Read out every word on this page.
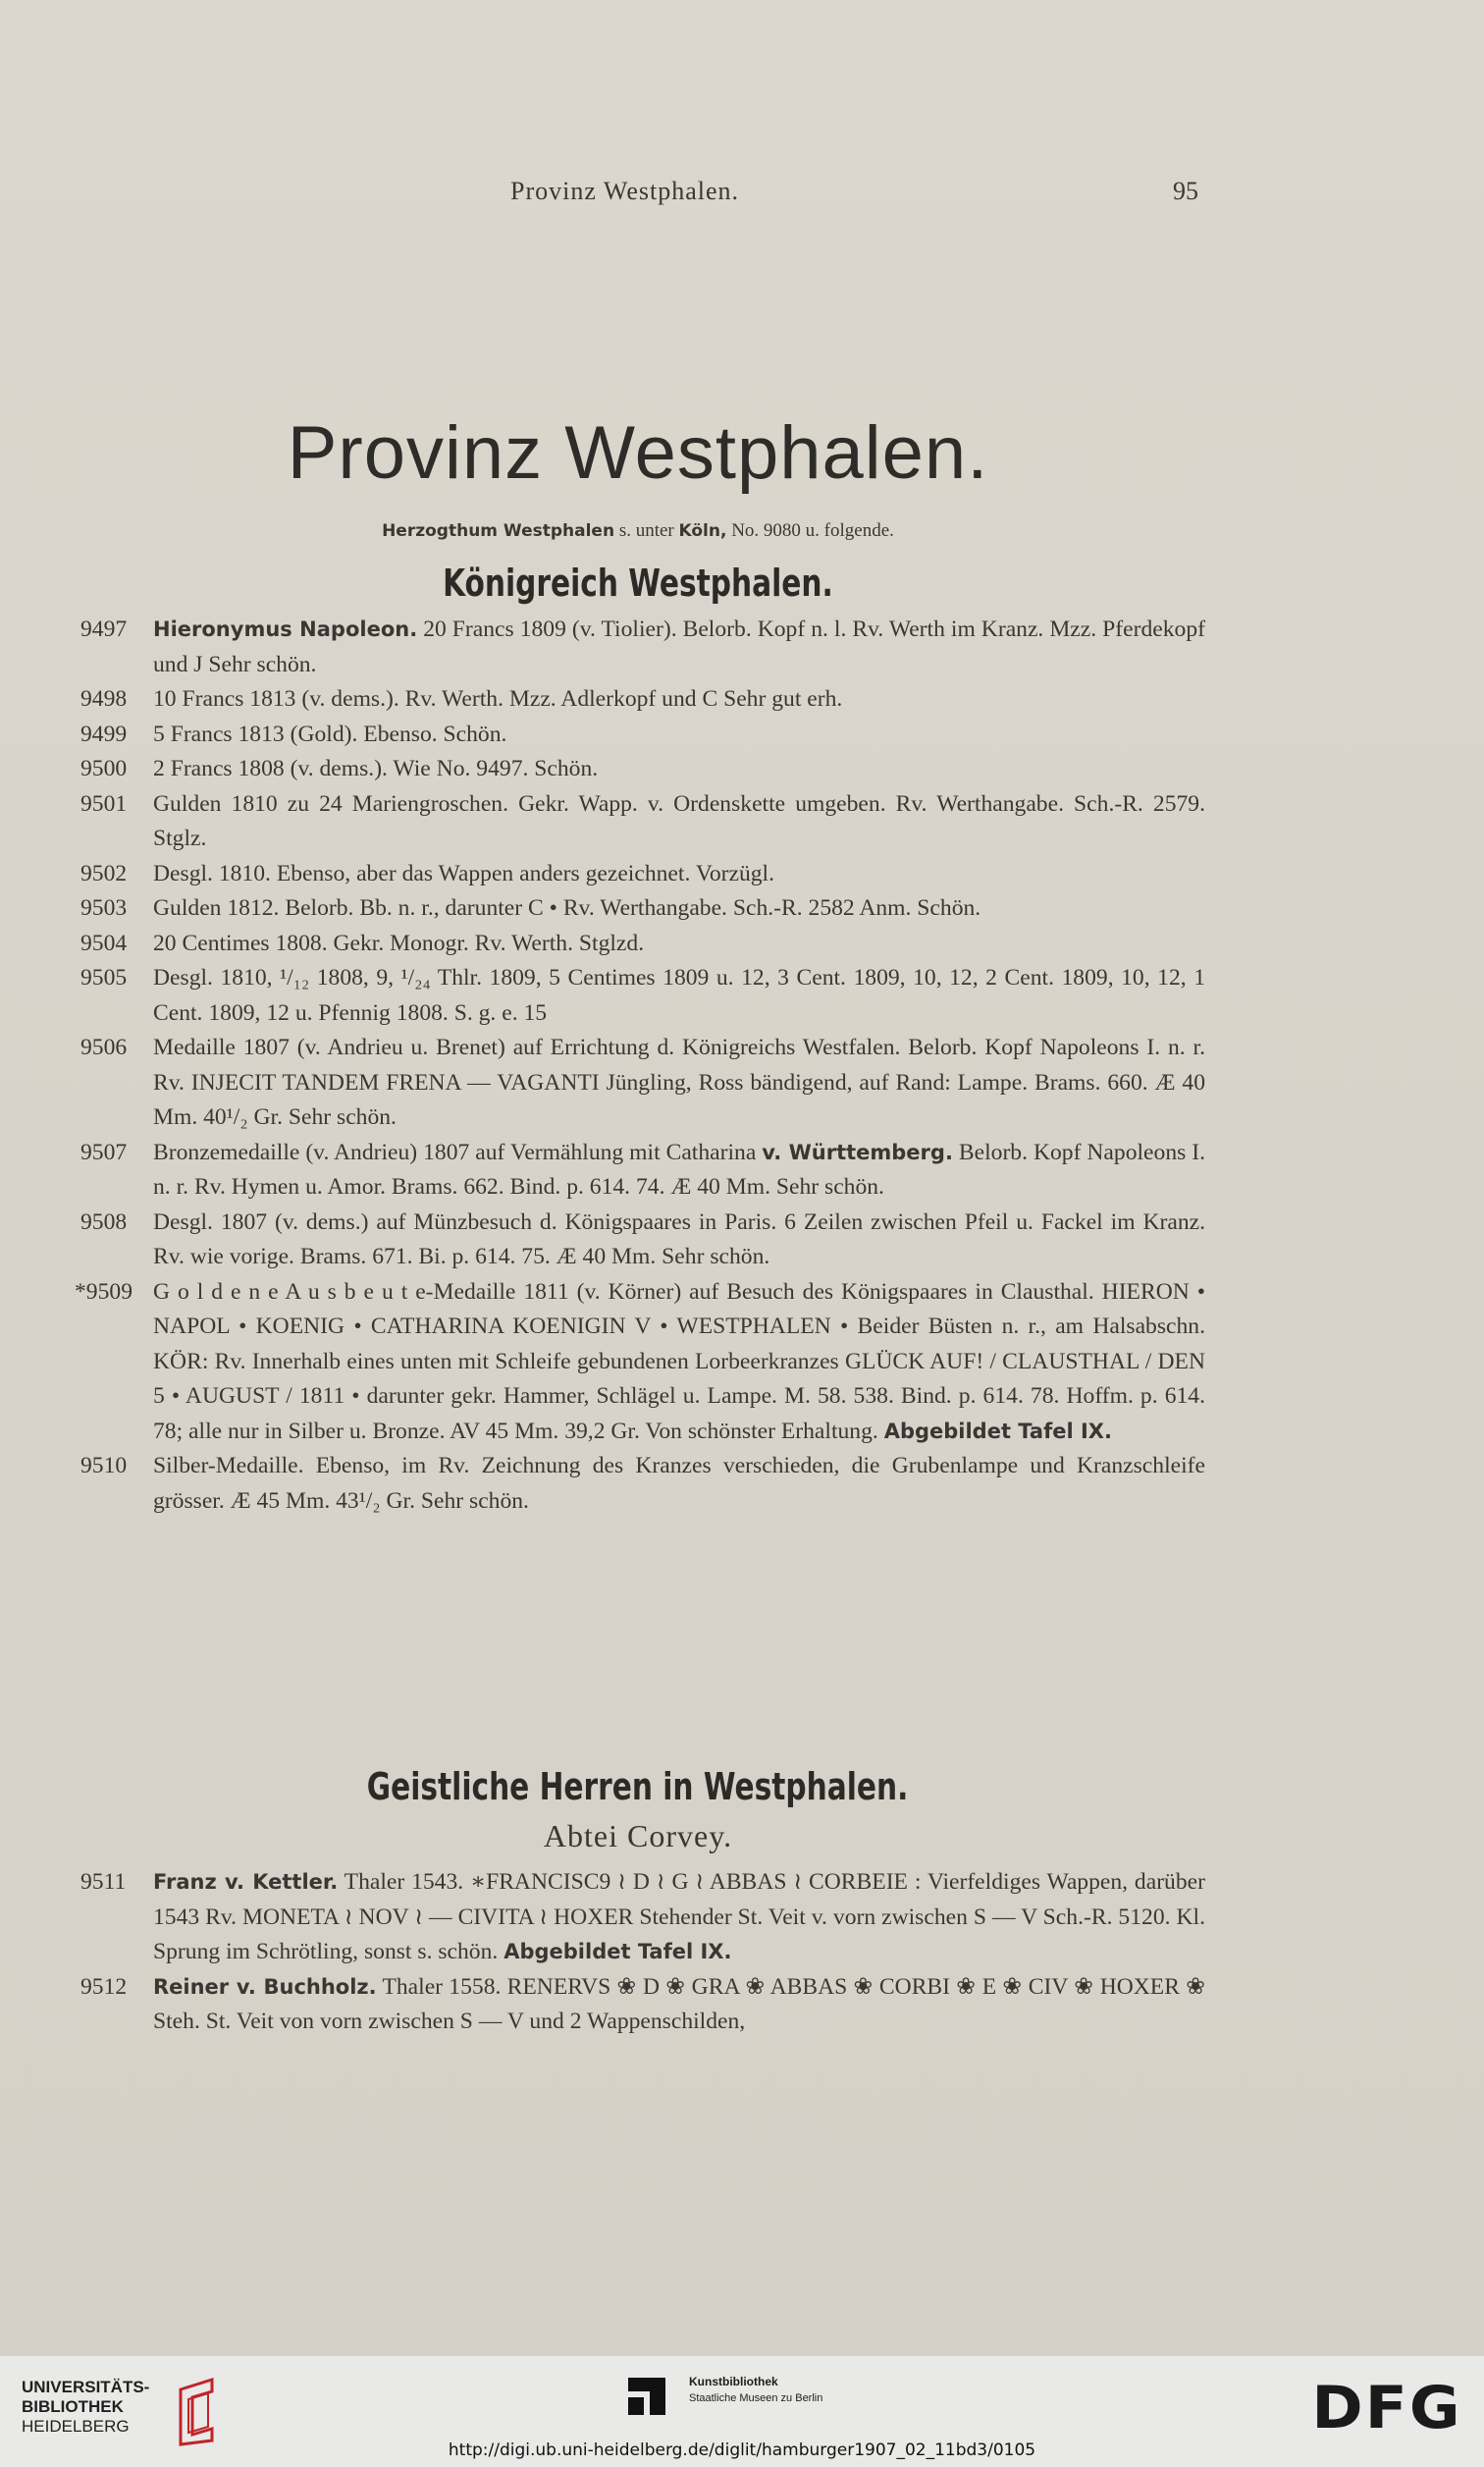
Provinz Westphalen.	95
Provinz Westphalen.
Herzogthum Westphalen s. unter Köln, No. 9080 u. folgende.
Königreich Westphalen.
9497 Hieronymus Napoleon. 20 Francs 1809 (v. Tiolier). Belorb. Kopf n. l. Rv. Werth im Kranz. Mzz. Pferdekopf und J Sehr schön.
9498 10 Francs 1813 (v. dems.). Rv. Werth. Mzz. Adlerkopf und C Sehr gut erh.
9499 5 Francs 1813 (Gold). Ebenso. Schön.
9500 2 Francs 1808 (v. dems.). Wie No. 9497. Schön.
9501 Gulden 1810 zu 24 Mariengroschen. Gekr. Wapp. v. Ordenskette umgeben. Rv. Werthangabe. Sch.-R. 2579. Stglz.
9502 Desgl. 1810. Ebenso, aber das Wappen anders gezeichnet. Vorzügl.
9503 Gulden 1812. Belorb. Bb. n. r., darunter C • Rv. Werthangabe. Sch.-R. 2582 Anm. Schön.
9504 20 Centimes 1808. Gekr. Monogr. Rv. Werth. Stglzd.
9505 Desgl. 1810, ¹/₁₂ 1808, 9, ¹/₂₄ Thlr. 1809, 5 Centimes 1809 u. 12, 3 Cent. 1809, 10, 12, 2 Cent. 1809, 10, 12, 1 Cent. 1809, 12 u. Pfennig 1808. S. g. e. 15
9506 Medaille 1807 (v. Andrieu u. Brenet) auf Errichtung d. Königreichs Westfalen. Belorb. Kopf Napoleons I. n. r. Rv. INJECIT TANDEM FRENA — VAGANTI Jüngling, Ross bändigend, auf Rand: Lampe. Brams. 660. Æ 40 Mm. 40¹/₂ Gr. Sehr schön.
9507 Bronzemedaille (v. Andrieu) 1807 auf Vermählung mit Catharina v. Württemberg. Belorb. Kopf Napoleons I. n. r. Rv. Hymen u. Amor. Brams. 662. Bind. p. 614. 74. Æ 40 Mm. Sehr schön.
9508 Desgl. 1807 (v. dems.) auf Münzbesuch d. Königspaares in Paris. 6 Zeilen zwischen Pfeil u. Fackel im Kranz. Rv. wie vorige. Brams. 671. Bi. p. 614. 75. Æ 40 Mm. Sehr schön.
*9509 G o l d e n e A u s b e u t e-Medaille 1811 (v. Körner) auf Besuch des Königspaares in Clausthal. HIERON • NAPOL • KOENIG • CATHARINA KOENIGIN V • WESTPHALEN • Beider Büsten n. r., am Halsabschn. KÖR: Rv. Innerhalb eines unten mit Schleife gebundenen Lorbeerkranzes GLÜCK AUF! / CLAUSTHAL / DEN 5 • AUGUST / 1811 • darunter gekr. Hammer, Schlägel u. Lampe. M. 58. 538. Bind. p. 614. 78. Hoffm. p. 614. 78; alle nur in Silber u. Bronze. AV 45 Mm. 39,2 Gr. Von schönster Erhaltung. Abgebildet Tafel IX.
9510 Silber-Medaille. Ebenso, im Rv. Zeichnung des Kranzes verschieden, die Grubenlampe und Kranzschleife grösser. Æ 45 Mm. 43¹/₂ Gr. Sehr schön.
Geistliche Herren in Westphalen.
Abtei Corvey.
9511 Franz v. Kettler. Thaler 1543. ∗FRANCISC9 ≀ D ≀ G ≀ ABBAS ≀ CORBEIE : Vierfeldiges Wappen, darüber 1543 Rv. MONETA ≀ NOV ≀ — CIVITA ≀ HOXER Stehender St. Veit v. vorn zwischen S — V Sch.-R. 5120. Kl. Sprung im Schrötling, sonst s. schön. Abgebildet Tafel IX.
9512 Reiner v. Buchholz. Thaler 1558. RENERVS ❀ D ❀ GRA ❀ ABBAS ❀ CORBI ❀ E ❀ CIV ❀ HOXER ❀ Steh. St. Veit von vorn zwischen S — V und 2 Wappenschilden,
UNIVERSITÄTS-
BIBLIOTHEK
HEIDELBERG
Kunstbibliothek
Staatliche Museen zu Berlin	DFG
http://digi.ub.uni-heidelberg.de/diglit/hamburger1907_02_11bd3/0105
